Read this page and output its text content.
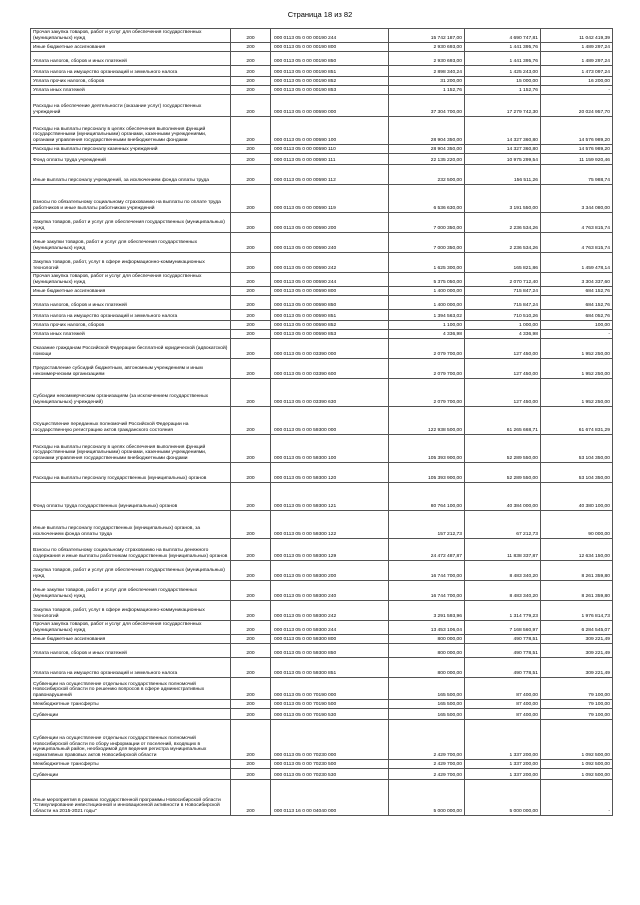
Страница 18 из 82
Прочая закупка товаров, работ и услуг для обеспечения государственных (муниципальных) нужд	200	000 0113 05 0 00 00190 244	15 742 187,00	4 690 747,81	11 042 419,39
Иные бюджетные ассигнования	200	000 0113 05 0 00 00190 800	2 930 693,00	1 441 395,76	1 489 297,24
Уплата налогов, сборов и иных платежей	200	000 0113 05 0 00 00190 850	2 930 693,00	1 441 395,76	1 489 297,24
Уплата налога на имущество организаций и земельного налога	200	000 0113 05 0 00 00190 851	2 898 340,24	1 425 243,00	1 473 097,24
Уплата прочих налогов, сборов	200	000 0113 05 0 00 00190 852	31 200,00	15 000,00	16 200,00
Уплата иных платежей	200	000 0113 05 0 00 00190 853	1 152,76	1 152,76	-
Расходы на обеспечение деятельности (оказание услуг) государственных учреждений	200	000 0113 05 0 00 00590 000	37 304 700,00	17 279 742,30	20 024 957,70
Расходы на выплаты персоналу в целях обеспечения выполнения функций государственными (муниципальными) органами, казенными учреждениями, органами управления государственными внебюджетными фондами	200	000 0113 05 0 00 00590 100	28 904 350,00	14 327 360,80	14 576 989,20
Расходы на выплаты персоналу казенных учреждений	200	000 0113 05 0 00 00590 110	28 904 350,00	14 327 360,80	14 576 989,20
Фонд оплаты труда учреждений	200	000 0113 05 0 00 00590 111	22 135 220,00	10 975 299,54	11 159 920,46
Иные выплаты персоналу учреждений, за исключением фонда оплаты труда	200	000 0113 05 0 00 00590 112	232 500,00	156 511,26	75 988,74
Взносы по обязательному социальному страхованию на выплаты по оплате труда работников и иные выплаты работникам учреждений	200	000 0113 05 0 00 00590 119	6 536 630,00	3 191 550,00	3 344 080,00
Закупка товаров, работ и услуг для обеспечения государственных (муниципальных) нужд	200	000 0113 05 0 00 00590 200	7 000 350,00	2 236 534,26	4 763 815,74
Иные закупки товаров, работ и услуг для обеспечения государственных (муниципальных) нужд	200	000 0113 05 0 00 00590 240	7 000 350,00	2 236 534,26	4 763 815,74
Закупка товаров, работ, услуг в сфере информационно-коммуникационных технологий	200	000 0113 05 0 00 00590 242	1 625 300,00	165 821,86	1 459 478,14
Прочая закупка товаров, работ и услуг для обеспечения государственных (муниципальных) нужд	200	000 0113 05 0 00 00590 244	5 375 050,00	2 070 712,40	3 304 337,60
Иные бюджетные ассигнования	200	000 0113 05 0 00 00590 800	1 400 000,00	715 847,24	684 152,76
Уплата налогов, сборов и иных платежей	200	000 0113 05 0 00 00590 850	1 400 000,00	715 847,24	684 152,76
Уплата налога на имущество организаций и земельного налога	200	000 0113 05 0 00 00590 851	1 394 563,02	710 510,26	684 052,76
Уплата прочих налогов, сборов	200	000 0113 05 0 00 00590 852	1 100,00	1 000,00	100,00
Уплата иных платежей	200	000 0113 05 0 00 00590 853	4 336,98	4 336,98	-
Оказание гражданам Российской Федерации бесплатной юридической (адвокатской) помощи	200	000 0113 05 0 00 03390 000	2 079 700,00	127 450,00	1 952 250,00
Предоставление субсидий бюджетным, автономным учреждениям и иным некоммерческим организациям	200	000 0113 05 0 00 03390 600	2 079 700,00	127 450,00	1 952 250,00
Субсидии некоммерческим организациям (за исключением государственных (муниципальных) учреждений)	200	000 0113 05 0 00 03390 630	2 079 700,00	127 450,00	1 952 250,00
Осуществление переданных полномочий Российской Федерации на государственную регистрацию актов гражданского состояния	200	000 0113 05 0 00 59300 000	122 938 500,00	61 265 668,71	61 674 831,29
Расходы на выплаты персоналу в целях обеспечения выполнения функций государственными (муниципальными) органами, казенными учреждениями, органами управления государственными внебюджетными фондами	200	000 0113 05 0 00 59300 100	105 393 900,00	52 289 550,00	53 104 350,00
Расходы на выплаты персоналу государственных (муниципальных) органов	200	000 0113 05 0 00 59300 120	105 393 900,00	52 289 550,00	53 104 350,00
Фонд оплаты труда государственных (муниципальных) органов	200	000 0113 05 0 00 59300 121	80 764 100,00	40 384 000,00	40 380 100,00
Иные выплаты персоналу государственных (муниципальных) органов, за исключением фонда оплаты труда	200	000 0113 05 0 00 59300 122	157 212,73	67 212,73	90 000,00
Взносы по обязательному социальному страхованию на выплаты денежного содержания и иные выплаты работникам государственных (муниципальных) органов	200	000 0113 05 0 00 59300 129	24 472 487,87	11 838 337,87	12 634 150,00
Закупка товаров, работ и услуг для обеспечения государственных (муниципальных) нужд	200	000 0113 05 0 00 59300 200	16 744 700,00	8 483 340,20	8 261 359,80
Иные закупки товаров, работ и услуг для обеспечения государственных (муниципальных) нужд	200	000 0113 05 0 00 59300 240	16 744 700,00	8 483 340,20	8 261 359,80
Закупка товаров, работ, услуг в сфере информационно-коммуникационных технологий	200	000 0113 05 0 00 59300 242	3 291 593,96	1 314 779,23	1 976 814,73
Прочая закупка товаров, работ и услуг для обеспечения государственных (муниципальных) нужд	200	000 0113 05 0 00 59300 244	13 453 106,04	7 168 560,97	6 284 545,07
Иные бюджетные ассигнования	200	000 0113 05 0 00 59300 800	800 000,00	490 778,51	309 221,49
Уплата налогов, сборов и иных платежей	200	000 0113 05 0 00 59300 850	800 000,00	490 778,51	309 221,49
Уплата налога на имущество организаций и земельного налога	200	000 0113 05 0 00 59300 851	800 000,00	490 778,51	309 221,49
Субвенции на осуществление отдельных государственных полномочий Новосибирской области по решению вопросов в сфере административных правонарушений	200	000 0113 05 0 00 70190 000	165 500,00	87 400,00	79 100,00
Межбюджетные трансферты	200	000 0113 05 0 00 70190 500	165 500,00	87 400,00	79 100,00
Субвенции	200	000 0113 05 0 00 70190 530	165 500,00	87 400,00	79 100,00
Субвенции на осуществление отдельных государственных полномочий Новосибирской области по сбору информации от поселений, входящих в муниципальный район, необходимой для ведения регистра муниципальных нормативных правовых актов Новосибирской области	200	000 0113 05 0 00 70230 000	2 429 700,00	1 337 200,00	1 092 500,00
Межбюджетные трансферты	200	000 0113 05 0 00 70230 500	2 429 700,00	1 337 200,00	1 092 500,00
Субвенции	200	000 0113 05 0 00 70230 530	2 429 700,00	1 337 200,00	1 092 500,00
Иные мероприятия в рамках государственной программы Новосибирской области "Стимулирование инвестиционной и инновационной активности в Новосибирской области на 2015-2021 годы"	200	000 0113 16 0 00 04040 000	5 000 000,00	5 000 000,00	-
